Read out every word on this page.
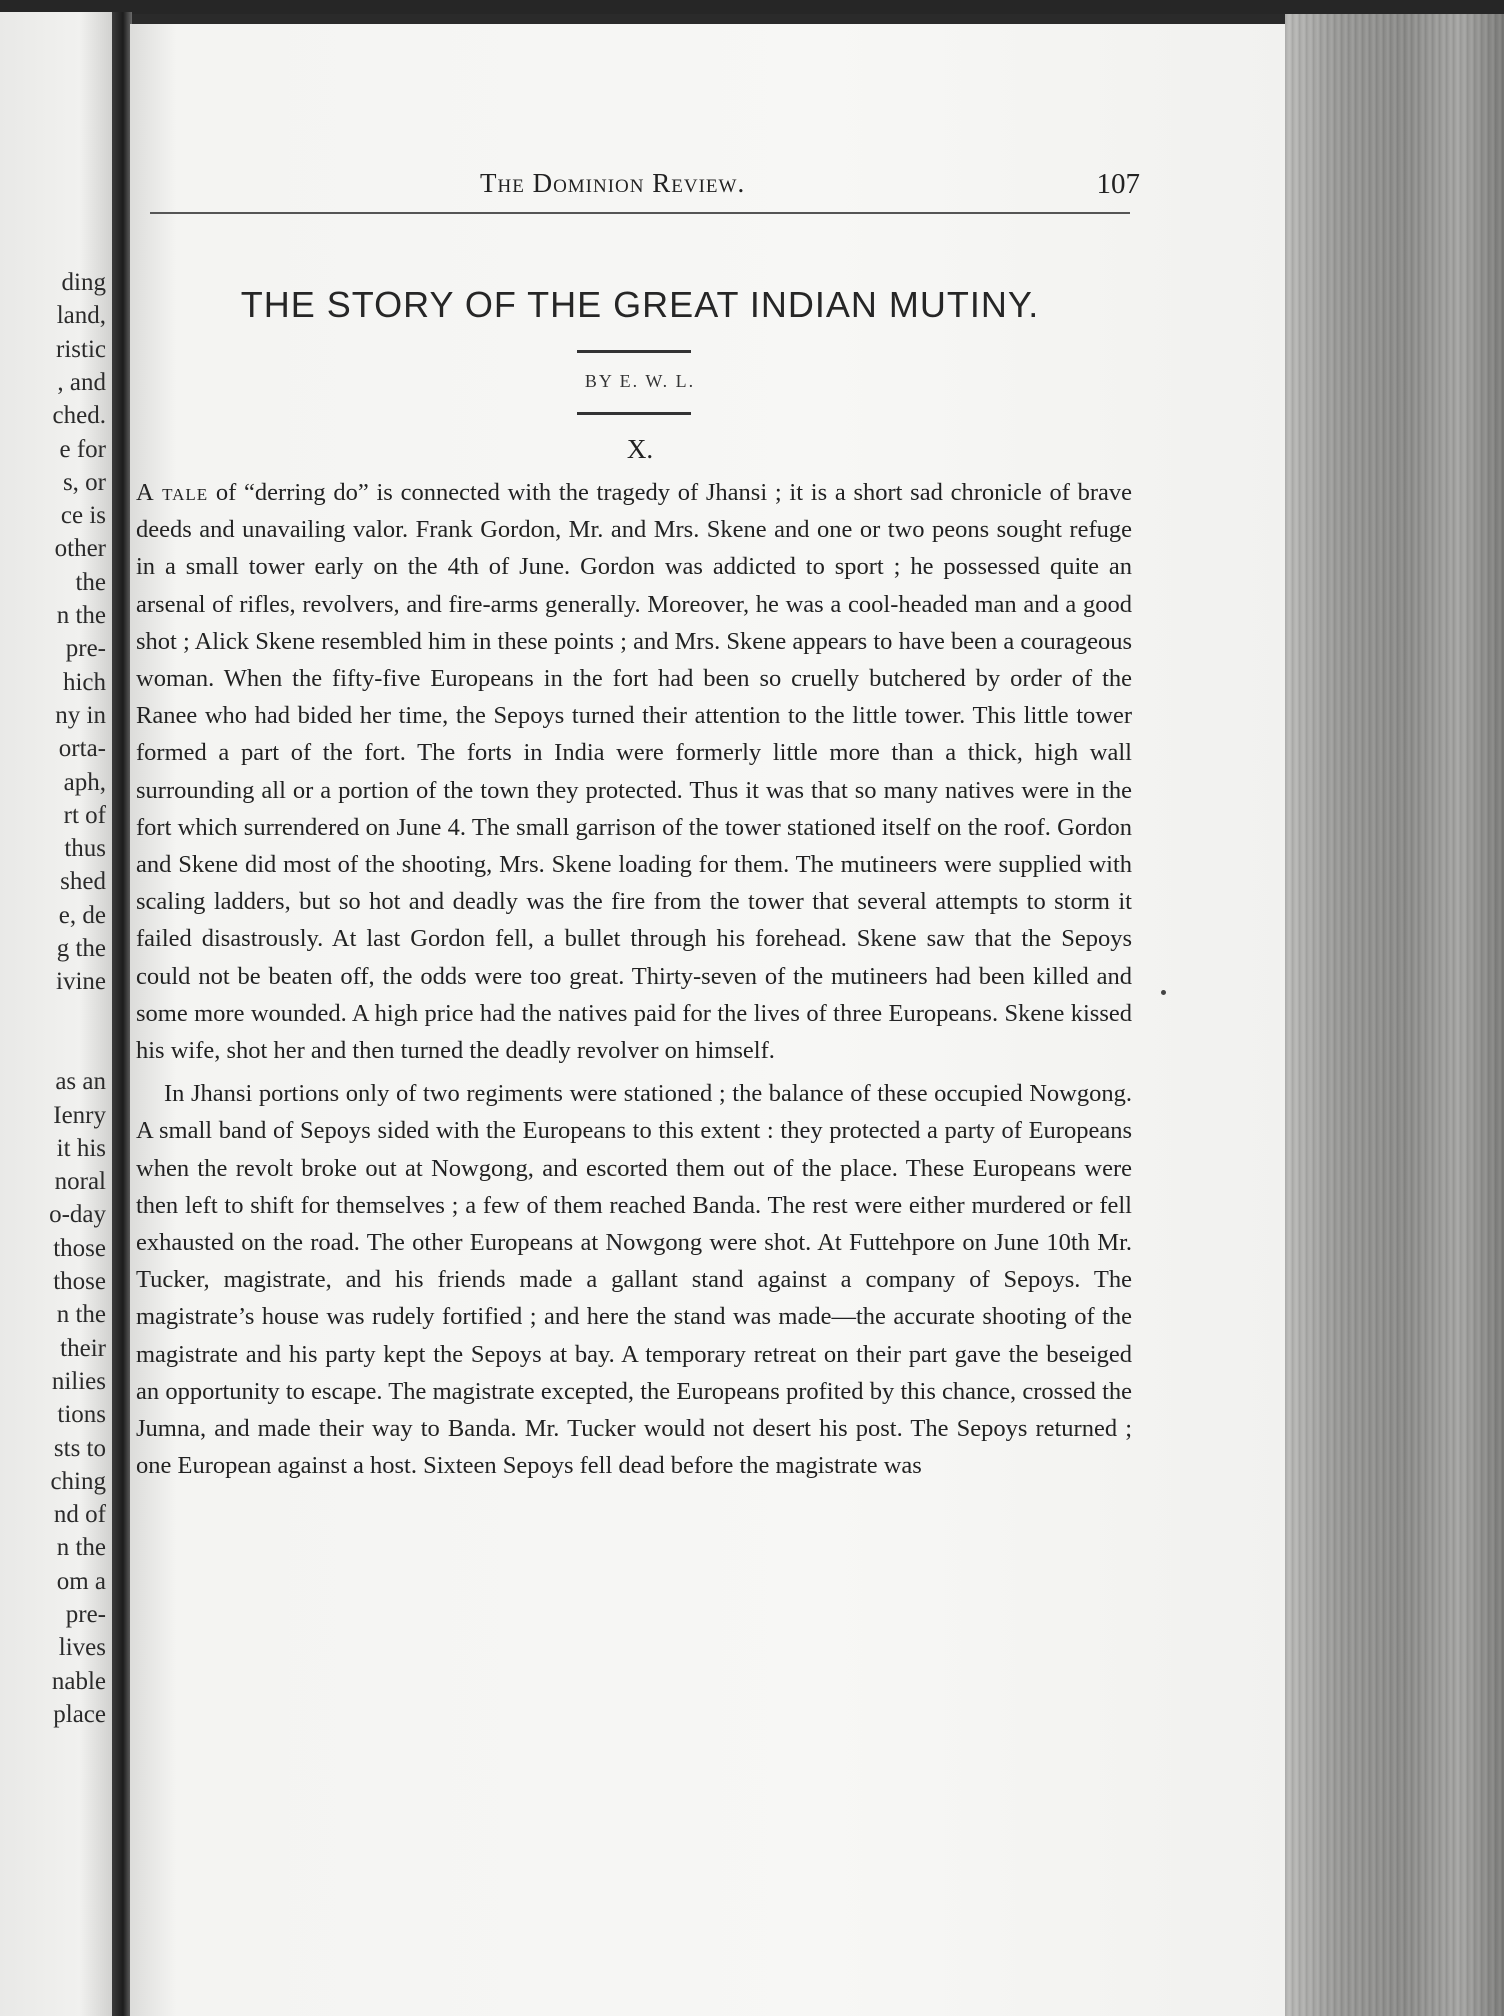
ding
land,
ristic
, and
ched.
e for
s, or
ce is
other
the
n the
pre-
hich
ny in
orta-
aph,
rt of
thus
shed
e, de
g the
ivine
as an
Ienry
it his
noral
o-day
those
those
n the
their
nilies
tions
sts to
ching
nd of
n the
om a
pre-
lives
nable
place
The Dominion Review.	107
THE STORY OF THE GREAT INDIAN MUTINY.
BY E. W. L.
X.

A tale of “derring do” is connected with the tragedy of Jhansi ; it is a short sad chronicle of brave deeds and unavailing valor. Frank Gordon, Mr. and Mrs. Skene and one or two peons sought refuge in a small tower early on the 4th of June. Gordon was addicted to sport ; he possessed quite an arsenal of rifles, revolvers, and fire-arms generally. Moreover, he was a cool-headed man and a good shot ; Alick Skene resembled him in these points ; and Mrs. Skene appears to have been a courageous woman. When the fifty-five Europeans in the fort had been so cruelly butchered by order of the Ranee who had bided her time, the Sepoys turned their attention to the little tower. This little tower formed a part of the fort. The forts in India were formerly little more than a thick, high wall surrounding all or a portion of the town they protected. Thus it was that so many natives were in the fort which surrendered on June 4. The small garrison of the tower stationed itself on the roof. Gordon and Skene did most of the shooting, Mrs. Skene loading for them. The mutineers were supplied with scaling ladders, but so hot and deadly was the fire from the tower that several attempts to storm it failed disastrously. At last Gordon fell, a bullet through his forehead. Skene saw that the Sepoys could not be beaten off, the odds were too great. Thirty-seven of the mutineers had been killed and some more wounded. A high price had the natives paid for the lives of three Europeans. Skene kissed his wife, shot her and then turned the deadly revolver on himself.

In Jhansi portions only of two regiments were stationed ; the balance of these occupied Nowgong. A small band of Sepoys sided with the Europeans to this extent : they protected a party of Europeans when the revolt broke out at Nowgong, and escorted them out of the place. These Europeans were then left to shift for themselves ; a few of them reached Banda. The rest were either murdered or fell exhausted on the road. The other Europeans at Nowgong were shot. At Futtehpore on June 10th Mr. Tucker, magistrate, and his friends made a gallant stand against a company of Sepoys. The magistrate’s house was rudely fortified ; and here the stand was made—the accurate shooting of the magistrate and his party kept the Sepoys at bay. A temporary retreat on their part gave the beseiged an opportunity to escape. The magistrate excepted, the Europeans profited by this chance, crossed the Jumna, and made their way to Banda. Mr. Tucker would not desert his post. The Sepoys returned ; one European against a host. Sixteen Sepoys fell dead before the magistrate was
